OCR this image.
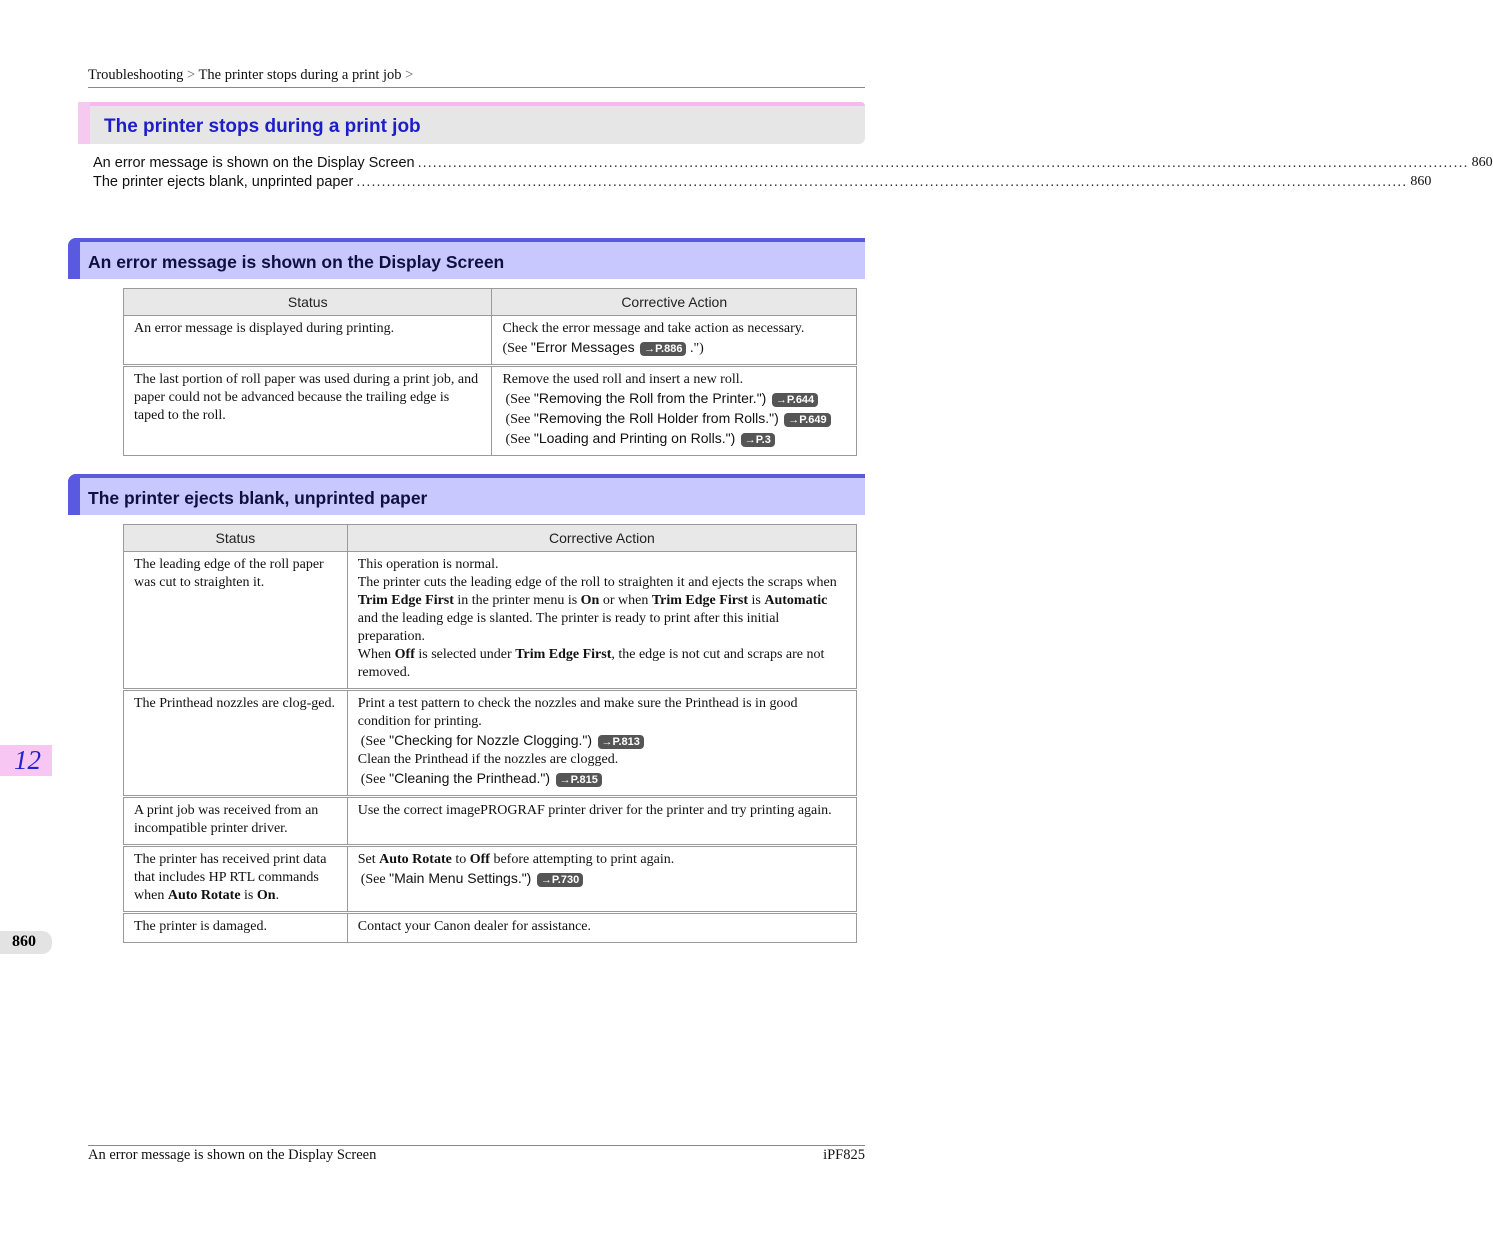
Troubleshooting > The printer stops during a print job >
The printer stops during a print job
An error message is shown on the Display Screen ................................................................................................................................................................................................................. 860
The printer ejects blank, unprinted paper ................................................................................................................................................................................................................. 860
An error message is shown on the Display Screen
Status	Corrective Action
An error message is displayed during printing.	Check the error message and take action as necessary.
(See "Error Messages →P.886 .")

The last portion of roll paper was used during a print job, and paper could not be advanced because the trailing edge is taped to the roll.	Remove the used roll and insert a new roll.
(See "Removing the Roll from the Printer.") →P.644
(See "Removing the Roll Holder from Rolls.") →P.649
(See "Loading and Printing on Rolls.") →P.3
The printer ejects blank, unprinted paper
Status	Corrective Action
The leading edge of the roll paper was cut to straighten it.	This operation is normal.
The printer cuts the leading edge of the roll to straighten it and ejects the scraps when Trim Edge First in the printer menu is On or when Trim Edge First is Automatic and the leading edge is slanted. The printer is ready to print after this initial preparation.
When Off is selected under Trim Edge First, the edge is not cut and scraps are not removed.

The Printhead nozzles are clog-ged.	Print a test pattern to check the nozzles and make sure the Printhead is in good condition for printing.
(See "Checking for Nozzle Clogging.") →P.813
Clean the Printhead if the nozzles are clogged.
(See "Cleaning the Printhead.") →P.815

A print job was received from an incompatible printer driver.	Use the correct imagePROGRAF printer driver for the printer and try printing again.
The printer has received print data that includes HP RTL commands when Auto Rotate is On.	Set Auto Rotate to Off before attempting to print again.
(See "Main Menu Settings.") →P.730

The printer is damaged.	Contact your Canon dealer for assistance.
12
860
An error message is shown on the Display Screen	iPF825
